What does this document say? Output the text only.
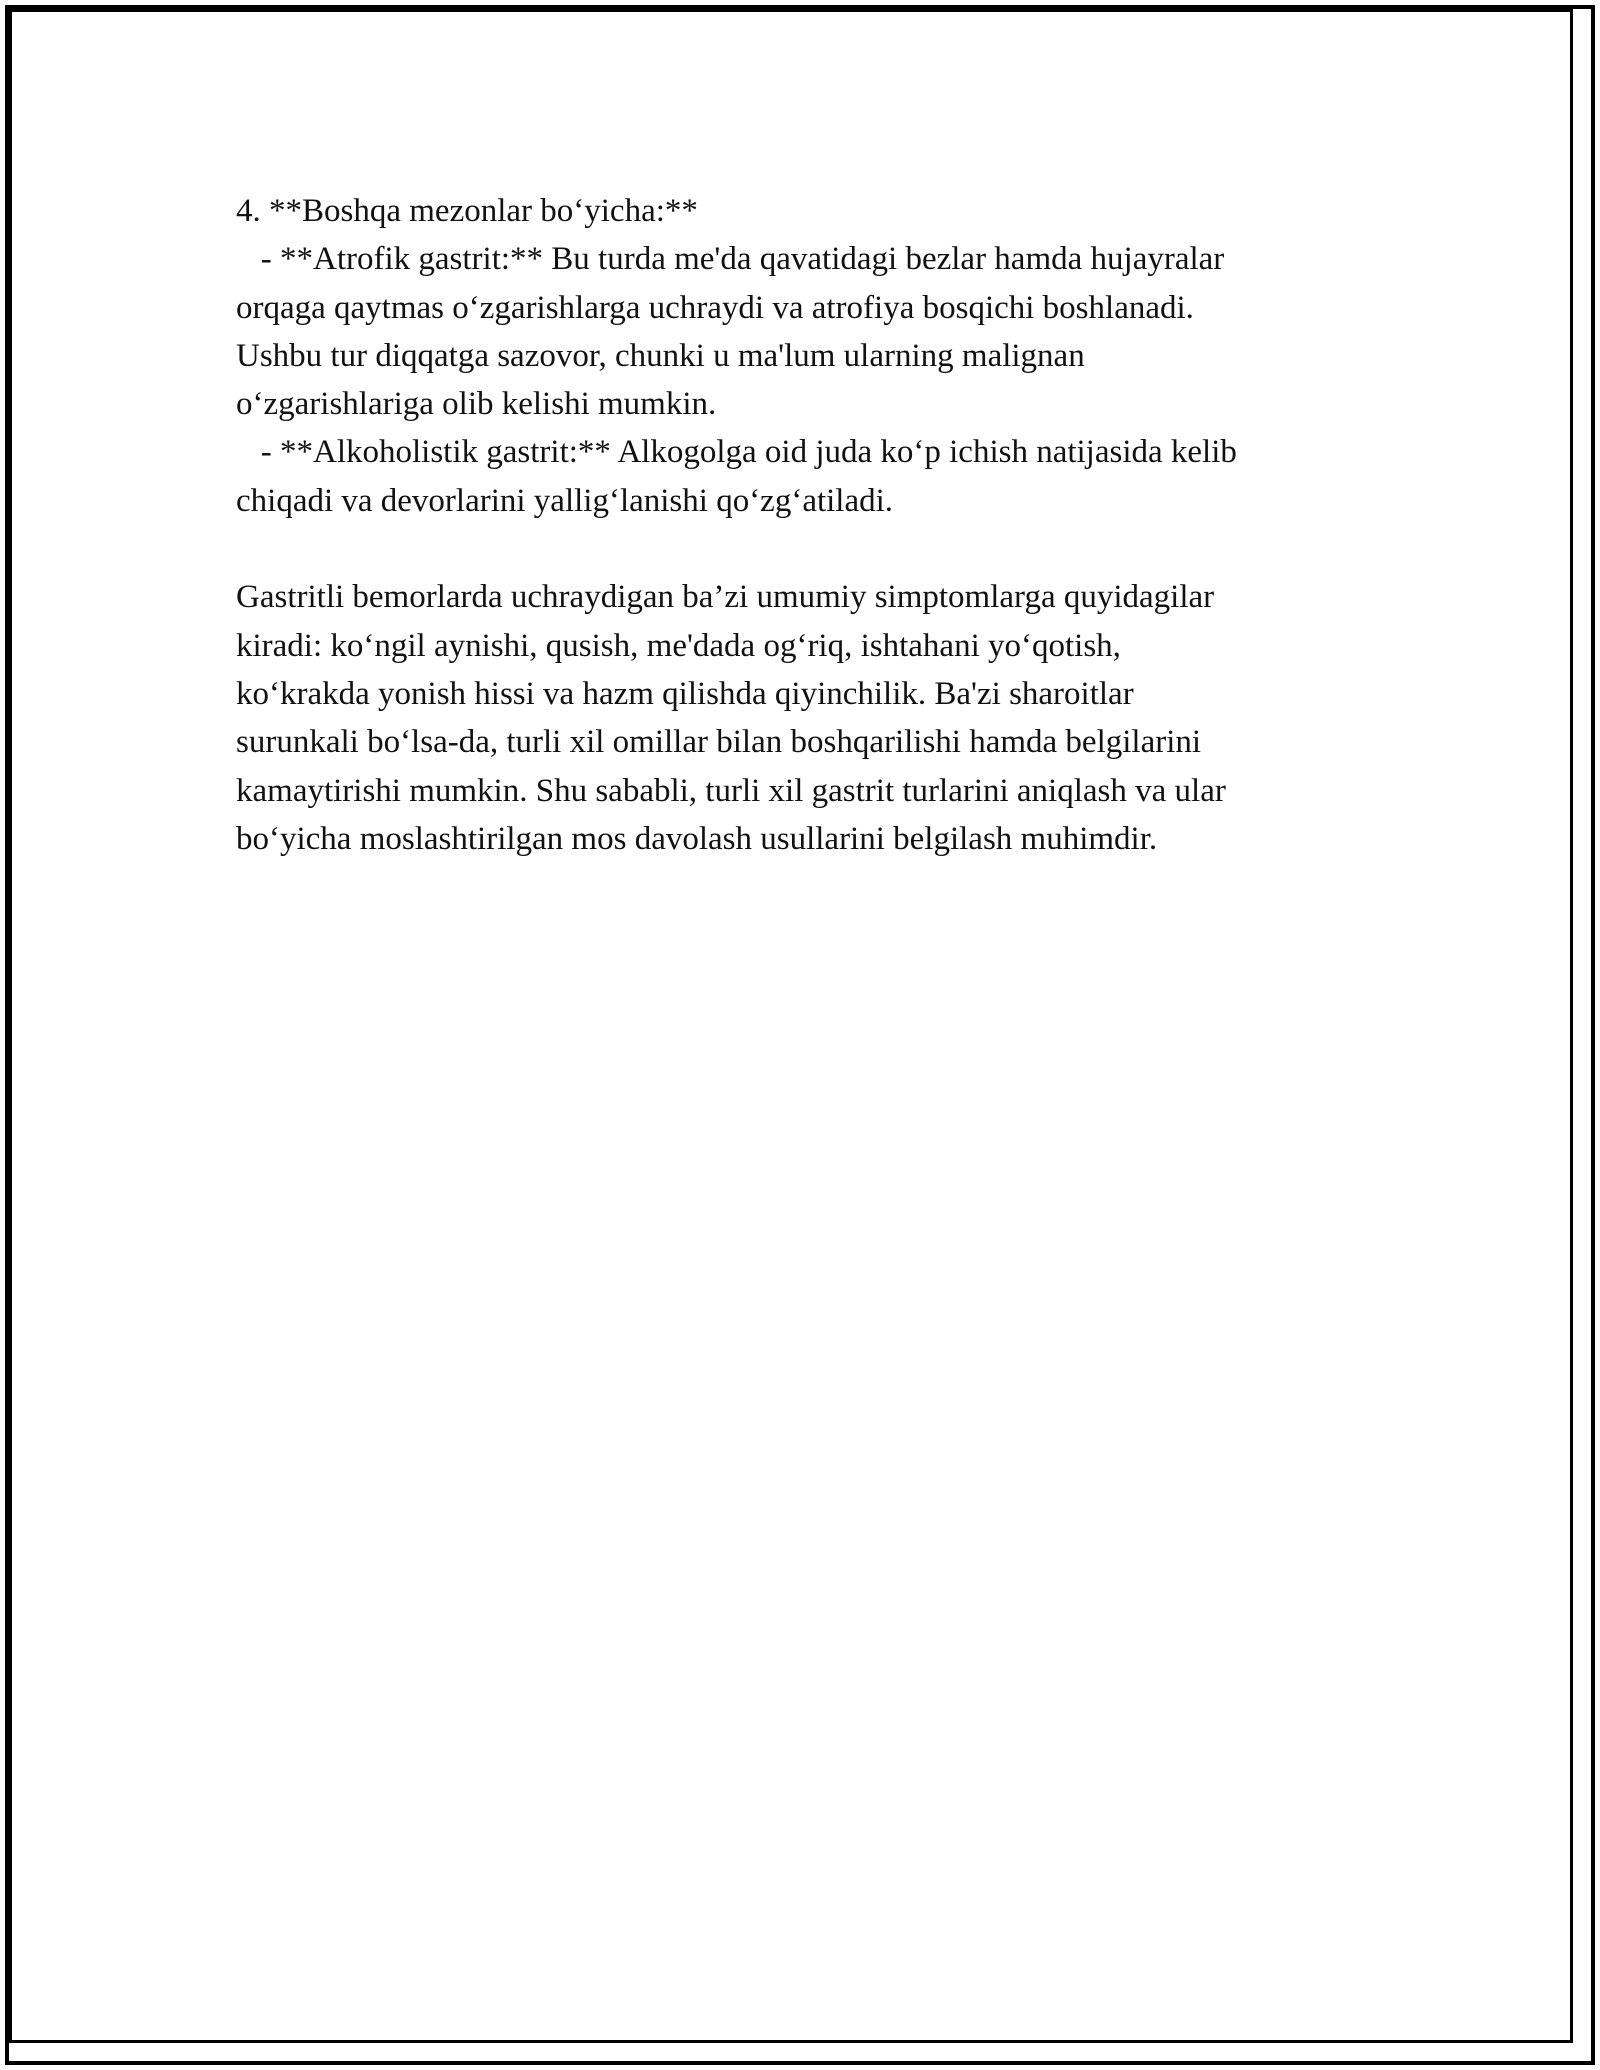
4. **Boshqa mezonlar bo‘yicha:**
- **Atrofik gastrit:** Bu turda me'da qavatidagi bezlar hamda hujayralar
orqaga qaytmas o‘zgarishlarga uchraydi va atrofiya bosqichi boshlanadi.
Ushbu tur diqqatga sazovor, chunki u ma'lum ularning malignan
o‘zgarishlariga olib kelishi mumkin.
- **Alkoholistik gastrit:** Alkogolga oid juda ko‘p ichish natijasida kelib
chiqadi va devorlarini yallig‘lanishi qo‘zg‘atiladi.
Gastritli bemorlarda uchraydigan ba’zi umumiy simptomlarga quyidagilar
kiradi: ko‘ngil aynishi, qusish, me'dada og‘riq, ishtahani yo‘qotish,
ko‘krakda yonish hissi va hazm qilishda qiyinchilik. Ba'zi sharoitlar
surunkali bo‘lsa-da, turli xil omillar bilan boshqarilishi hamda belgilarini
kamaytirishi mumkin. Shu sababli, turli xil gastrit turlarini aniqlash va ular
bo‘yicha moslashtirilgan mos davolash usullarini belgilash muhimdir.
